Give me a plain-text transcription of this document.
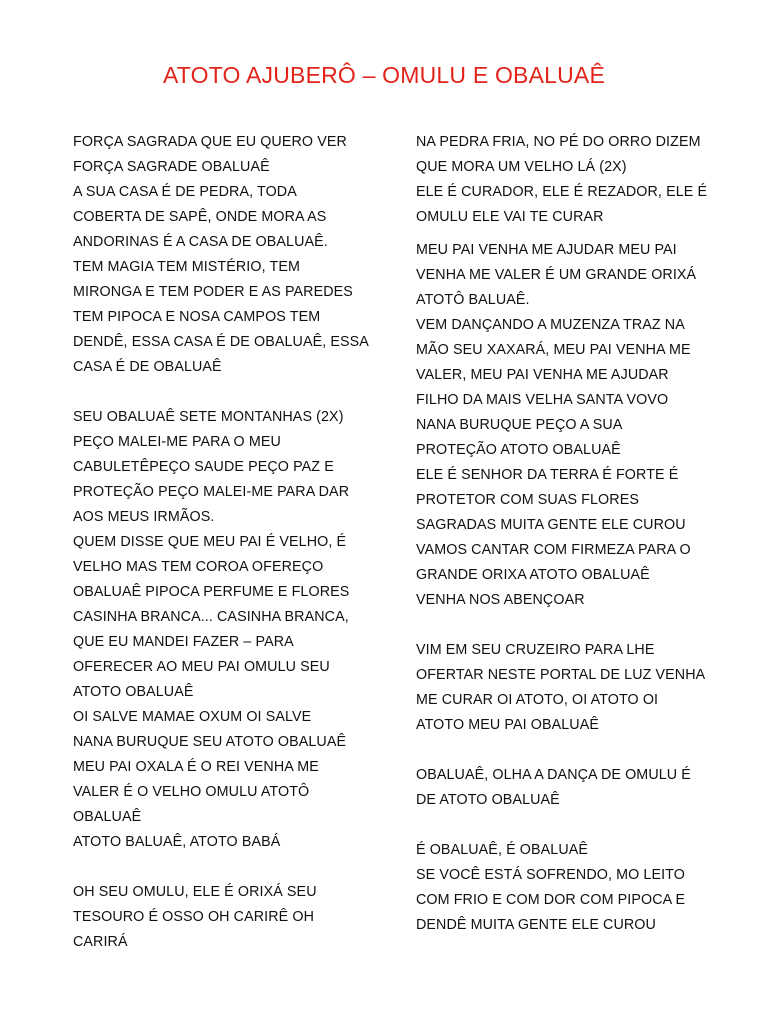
ATOTO AJUBERÔ – OMULU E OBALUAÊ
FORÇA SAGRADA QUE EU QUERO VER
FORÇA SAGRADE OBALUAÊ
A SUA CASA É DE PEDRA, TODA
COBERTA DE SAPÊ, ONDE MORA AS
ANDORINAS É A CASA DE OBALUAÊ.
TEM MAGIA TEM MISTÉRIO, TEM
MIRONGA E TEM PODER E AS PAREDES
TEM PIPOCA E NOSA CAMPOS TEM
DENDÊ, ESSA CASA É DE OBALUAÊ, ESSA
CASA É DE OBALUAÊ
SEU OBALUAÊ SETE MONTANHAS (2X)
PEÇO MALEI-ME PARA O MEU
CABULETÊPEÇO SAUDE PEÇO PAZ E
PROTEÇÃO PEÇO MALEI-ME PARA DAR
AOS MEUS IRMÃOS.
QUEM DISSE QUE MEU PAI É VELHO, É
VELHO MAS TEM COROA OFEREÇO
OBALUAÊ PIPOCA PERFUME E FLORES
CASINHA BRANCA... CASINHA BRANCA,
QUE EU MANDEI FAZER – PARA
OFERECER AO MEU PAI OMULU SEU
ATOTO OBALUAÊ
OI SALVE MAMAE OXUM OI SALVE
NANA BURUQUE SEU ATOTO OBALUAÊ
MEU PAI OXALA É O REI VENHA ME
VALER É O VELHO OMULU ATOTÔ
OBALUAÊ
ATOTO BALUAÊ, ATOTO BABÁ
OH SEU OMULU, ELE É ORIXÁ SEU
TESOURO É OSSO OH CARIRÊ OH
CARIRÁ
NA PEDRA FRIA, NO PÉ DO ORRO DIZEM
QUE MORA UM VELHO LÁ (2X)
ELE É CURADOR, ELE É REZADOR, ELE É
OMULU ELE VAI TE CURAR
MEU PAI VENHA ME AJUDAR MEU PAI
VENHA ME VALER É UM GRANDE ORIXÁ
ATOTÔ BALUAÊ.
VEM DANÇANDO A MUZENZA TRAZ NA
MÃO SEU XAXARÁ, MEU PAI VENHA ME
VALER, MEU PAI VENHA ME AJUDAR
FILHO DA MAIS VELHA SANTA VOVO
NANA BURUQUE PEÇO A SUA
PROTEÇÃO ATOTO OBALUAÊ
ELE É SENHOR DA TERRA É FORTE É
PROTETOR COM SUAS FLORES
SAGRADAS MUITA GENTE ELE CUROU
VAMOS CANTAR COM FIRMEZA PARA O
GRANDE ORIXA ATOTO OBALUAÊ
VENHA NOS ABENÇOAR
VIM EM SEU CRUZEIRO PARA LHE
OFERTAR NESTE PORTAL DE LUZ VENHA
ME CURAR OI ATOTO, OI ATOTO OI
ATOTO MEU PAI OBALUAÊ
OBALUAÊ, OLHA A DANÇA DE OMULU É
DE ATOTO OBALUAÊ
É OBALUAÊ, É OBALUAÊ
SE VOCÊ ESTÁ SOFRENDO, MO LEITO
COM FRIO E COM DOR COM PIPOCA E
DENDÊ MUITA GENTE ELE CUROU
